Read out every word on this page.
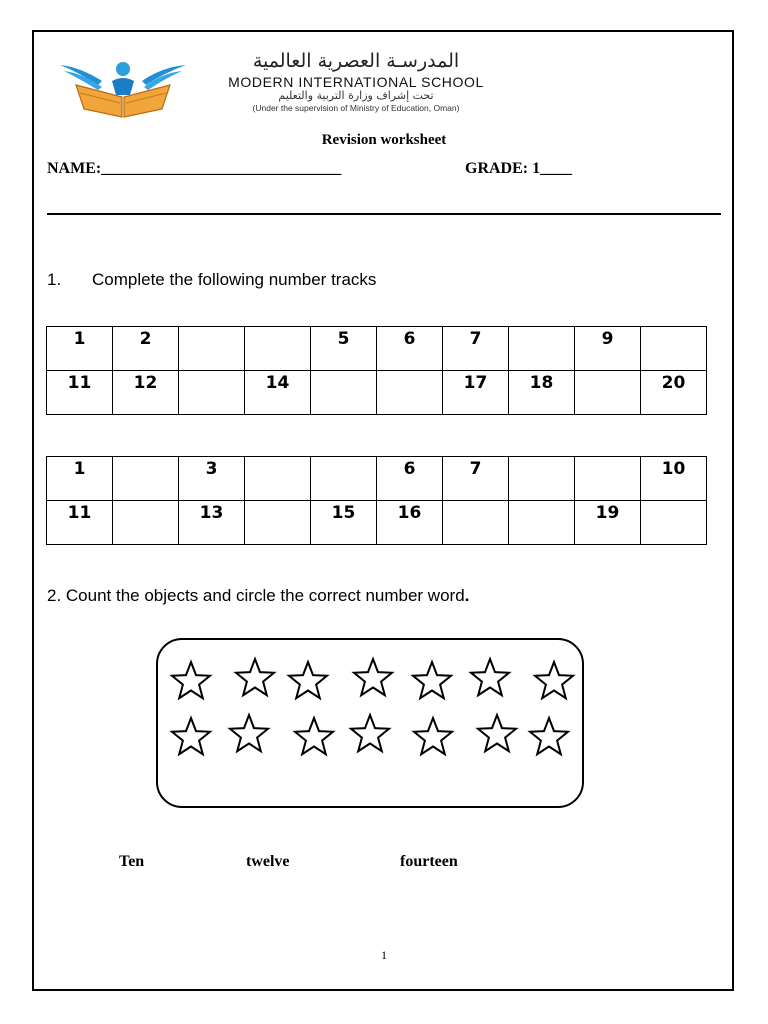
المدرسـة العصرية العالمية
MODERN INTERNATIONAL SCHOOL
تحت إشراف وزارة التربية والتعليم
(Under the supervision of Ministry of Education, Oman)
Revision worksheet
NAME:______________________________	GRADE: 1____
1. Complete the following number tracks
1	2			5	6	7		9	
11	12		14			17	18		20
1		3			6	7			10
11		13		15	16			19	
2. Count the objects and circle the correct number word.
Ten	twelve	fourteen
1
